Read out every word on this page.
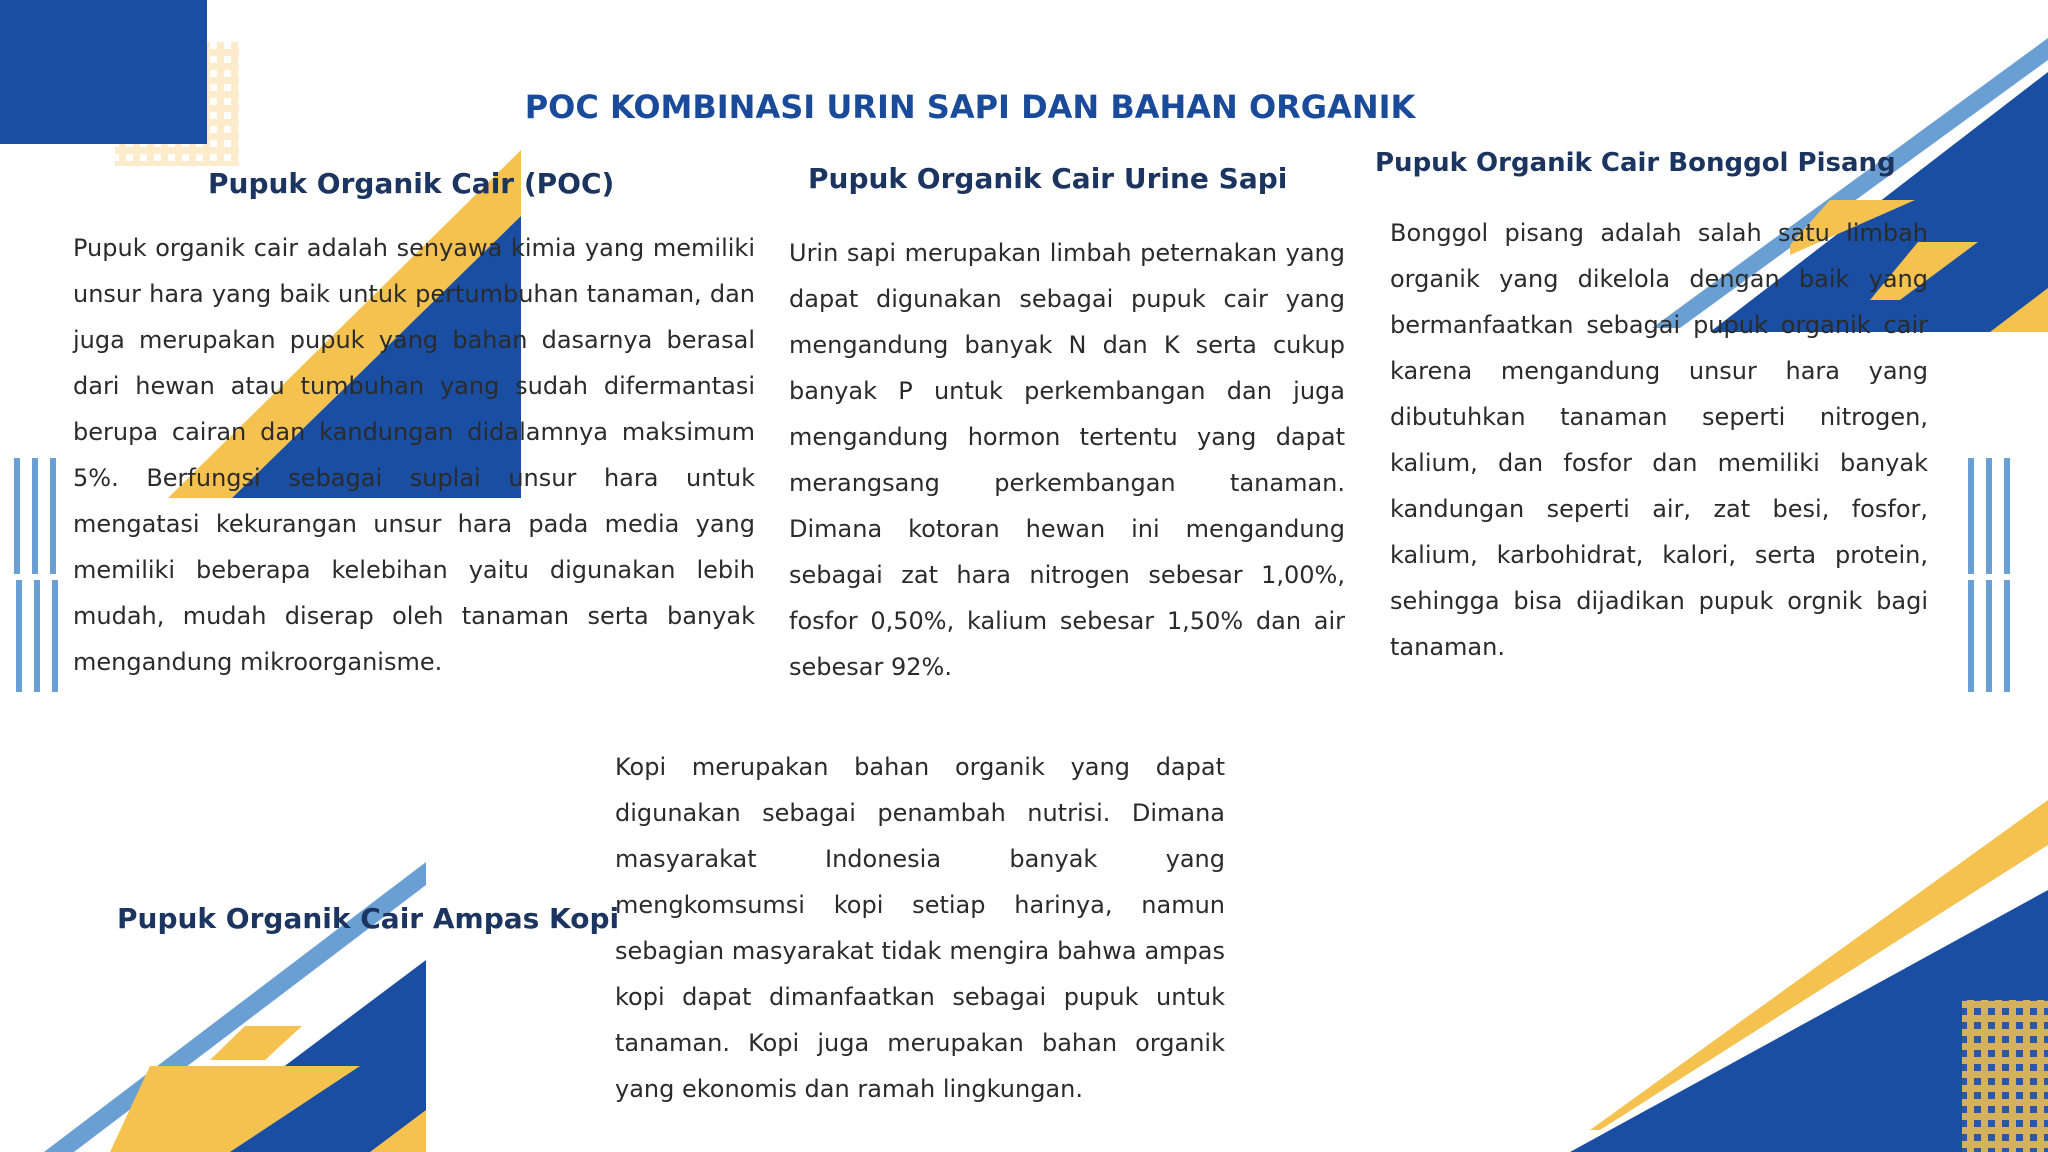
POC KOMBINASI URIN SAPI DAN BAHAN ORGANIK
Pupuk Organik Cair (POC)
Pupuk organik cair adalah senyawa kimia yang memiliki unsur hara yang baik untuk pertumbuhan tanaman, dan juga merupakan pupuk yang bahan dasarnya berasal dari hewan atau tumbuhan yang sudah difermantasi berupa cairan dan kandungan didalamnya maksimum 5%. Berfungsi sebagai suplai unsur hara untuk mengatasi kekurangan unsur hara pada media yang memiliki beberapa kelebihan yaitu digunakan lebih mudah, mudah diserap oleh tanaman serta banyak mengandung mikroorganisme.
Pupuk Organik Cair Urine Sapi
Urin sapi merupakan limbah peternakan yang dapat digunakan sebagai pupuk cair yang mengandung banyak N dan K serta cukup banyak P untuk perkembangan dan juga mengandung hormon tertentu yang dapat merangsang perkembangan tanaman. Dimana kotoran hewan ini mengandung sebagai zat hara nitrogen sebesar 1,00%, fosfor 0,50%, kalium sebesar 1,50% dan air sebesar 92%.
Pupuk Organik Cair Bonggol Pisang
Bonggol pisang adalah salah satu limbah organik yang dikelola dengan baik yang bermanfaatkan sebagai pupuk organik cair karena mengandung unsur hara yang dibutuhkan tanaman seperti nitrogen, kalium, dan fosfor dan memiliki banyak kandungan seperti air, zat besi, fosfor, kalium, karbohidrat, kalori, serta protein, sehingga bisa dijadikan pupuk orgnik bagi tanaman.
Pupuk Organik Cair Ampas Kopi
Kopi merupakan bahan organik yang dapat digunakan sebagai penambah nutrisi. Dimana masyarakat Indonesia banyak yang mengkomsumsi kopi setiap harinya, namun sebagian masyarakat tidak mengira bahwa ampas kopi dapat dimanfaatkan sebagai pupuk untuk tanaman. Kopi juga merupakan bahan organik yang ekonomis dan ramah lingkungan.
